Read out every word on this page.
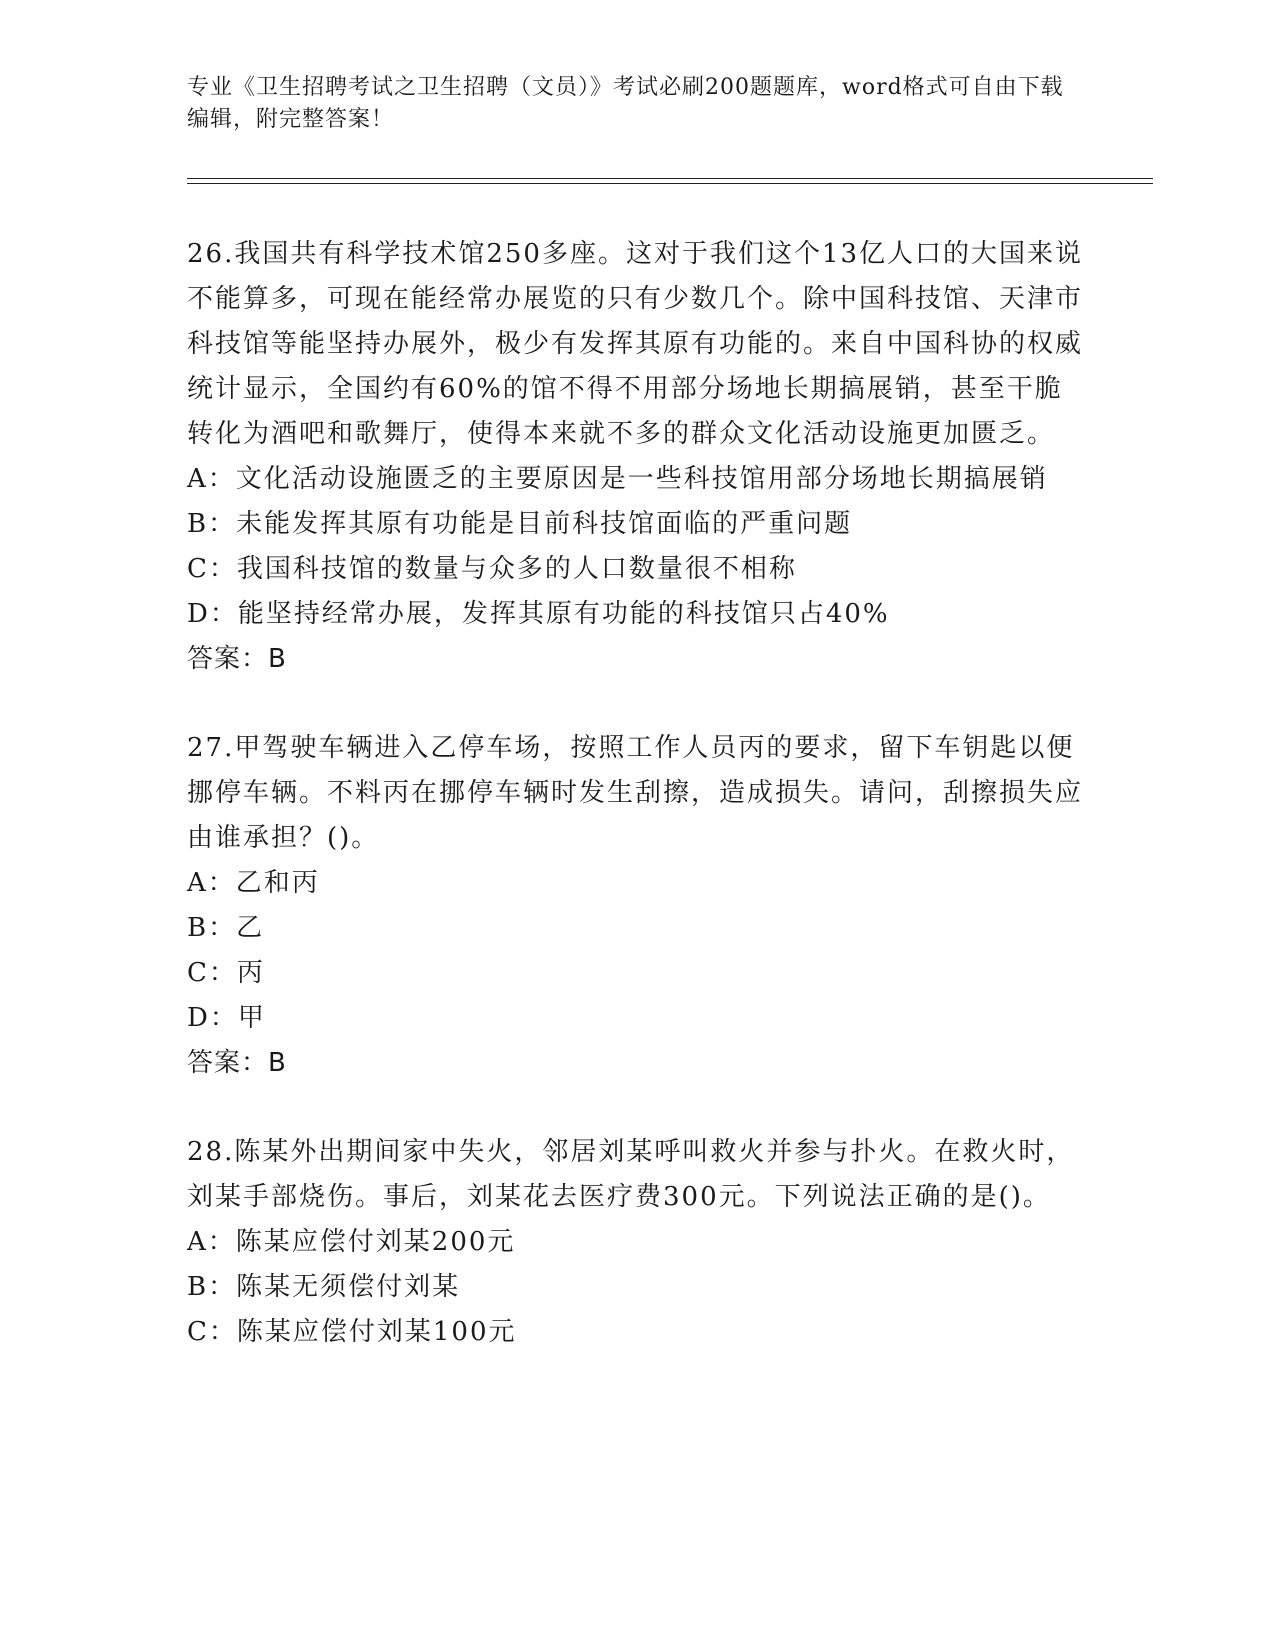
专业《卫生招聘考试之卫生招聘（文员）》考试必刷200题题库，word格式可自由下载编辑，附完整答案！

26.我国共有科学技术馆250多座。这对于我们这个13亿人口的大国来说不能算多，可现在能经常办展览的只有少数几个。除中国科技馆、天津市科技馆等能坚持办展外，极少有发挥其原有功能的。来自中国科协的权威统计显示，全国约有60%的馆不得不用部分场地长期搞展销，甚至干脆转化为酒吧和歌舞厅，使得本来就不多的群众文化活动设施更加匮乏。

A：文化活动设施匮乏的主要原因是一些科技馆用部分场地长期搞展销

B：未能发挥其原有功能是目前科技馆面临的严重问题

C：我国科技馆的数量与众多的人口数量很不相称

D：能坚持经常办展，发挥其原有功能的科技馆只占40%

答案：B

27.甲驾驶车辆进入乙停车场，按照工作人员丙的要求，留下车钥匙以便挪停车辆。不料丙在挪停车辆时发生刮擦，造成损失。请问，刮擦损失应由谁承担？()。

A：乙和丙

B：乙

C：丙

D：甲

答案：B

28.陈某外出期间家中失火，邻居刘某呼叫救火并参与扑火。在救火时，刘某手部烧伤。事后，刘某花去医疗费300元。下列说法正确的是()。

A：陈某应偿付刘某200元

B：陈某无须偿付刘某

C：陈某应偿付刘某100元
